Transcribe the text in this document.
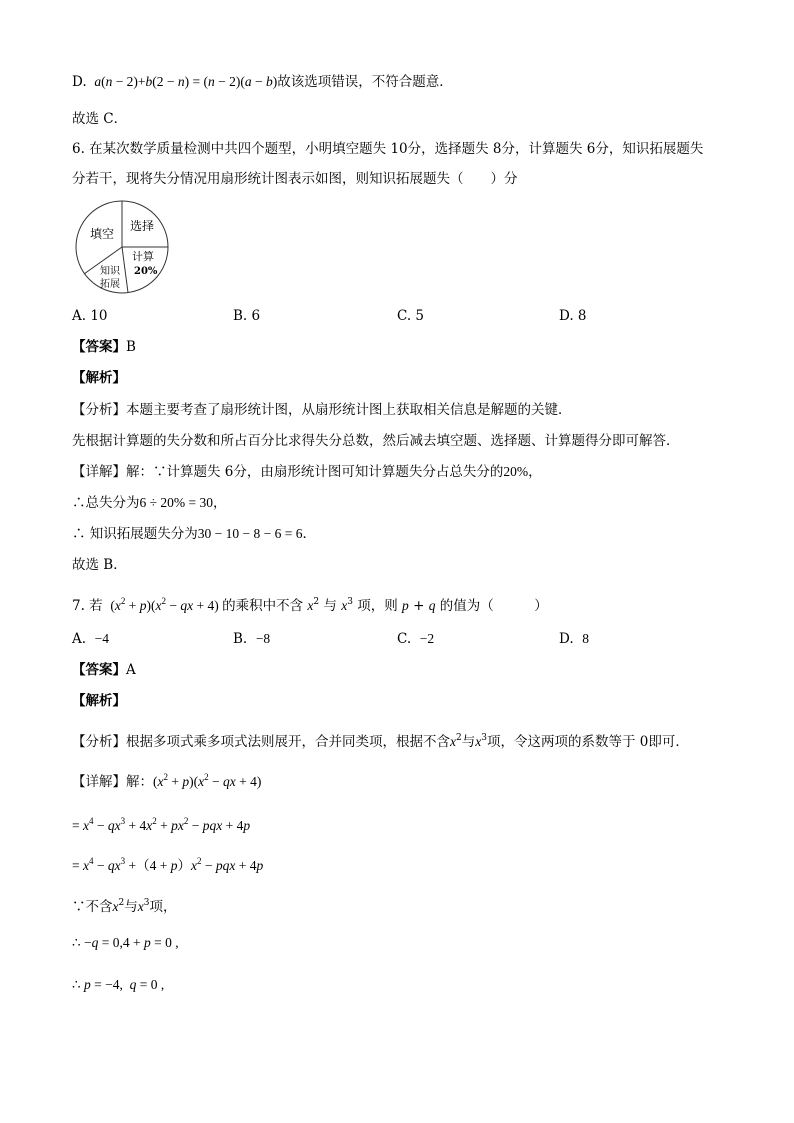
D.  a(n − 2)+b(2 − n) = (n − 2)(a − b)故该选项错误，不符合题意．
故选 C．
6. 在某次数学质量检测中共四个题型，小明填空题失 10分，选择题失 8分，计算题失 6分，知识拓展题失
分若干，现将失分情况用扇形统计图表示如图，则知识拓展题失（　　）分
填空
选择
计算
20%
知识
拓展
A. 10	B. 6	C. 5	D. 8
【答案】B
【解析】
【分析】本题主要考查了扇形统计图，从扇形统计图上获取相关信息是解题的关键．
先根据计算题的失分数和所占百分比求得失分总数，然后减去填空题、选择题、计算题得分即可解答．
【详解】解：∵计算题失 6分，由扇形统计图可知计算题失分占总失分的20%，
∴总失分为6 ÷ 20% = 30，
∴ 知识拓展题失分为30 − 10 − 8 − 6 = 6．
故选 B．
7. 若  $(x^2 + p)(x^2$ − qx + 4) 的乘积中不含 $x^2$ 与 $x^3$ 项，则 p + q 的值为（　　　）
A. −4	B. −8	C. −2	D. 8
【答案】A
【解析】
【分析】根据多项式乘多项式法则展开，合并同类项，根据不含$x^2$与$x^3$项，令这两项的系数等于 0即可．
【详解】解：$(x^2 + p)(x^2$ − qx + 4)
= $x^4 - qx^3 + 4x^2 + px^2$ − pqx + 4p
= $x^4 - qx^3 +(4 + p)x^2$ − pqx + 4p
∵不含$x^2$与$x^3$项，
∴ −q = 0,4 + p = 0 ,
∴ p = −4,  q = 0 ,
